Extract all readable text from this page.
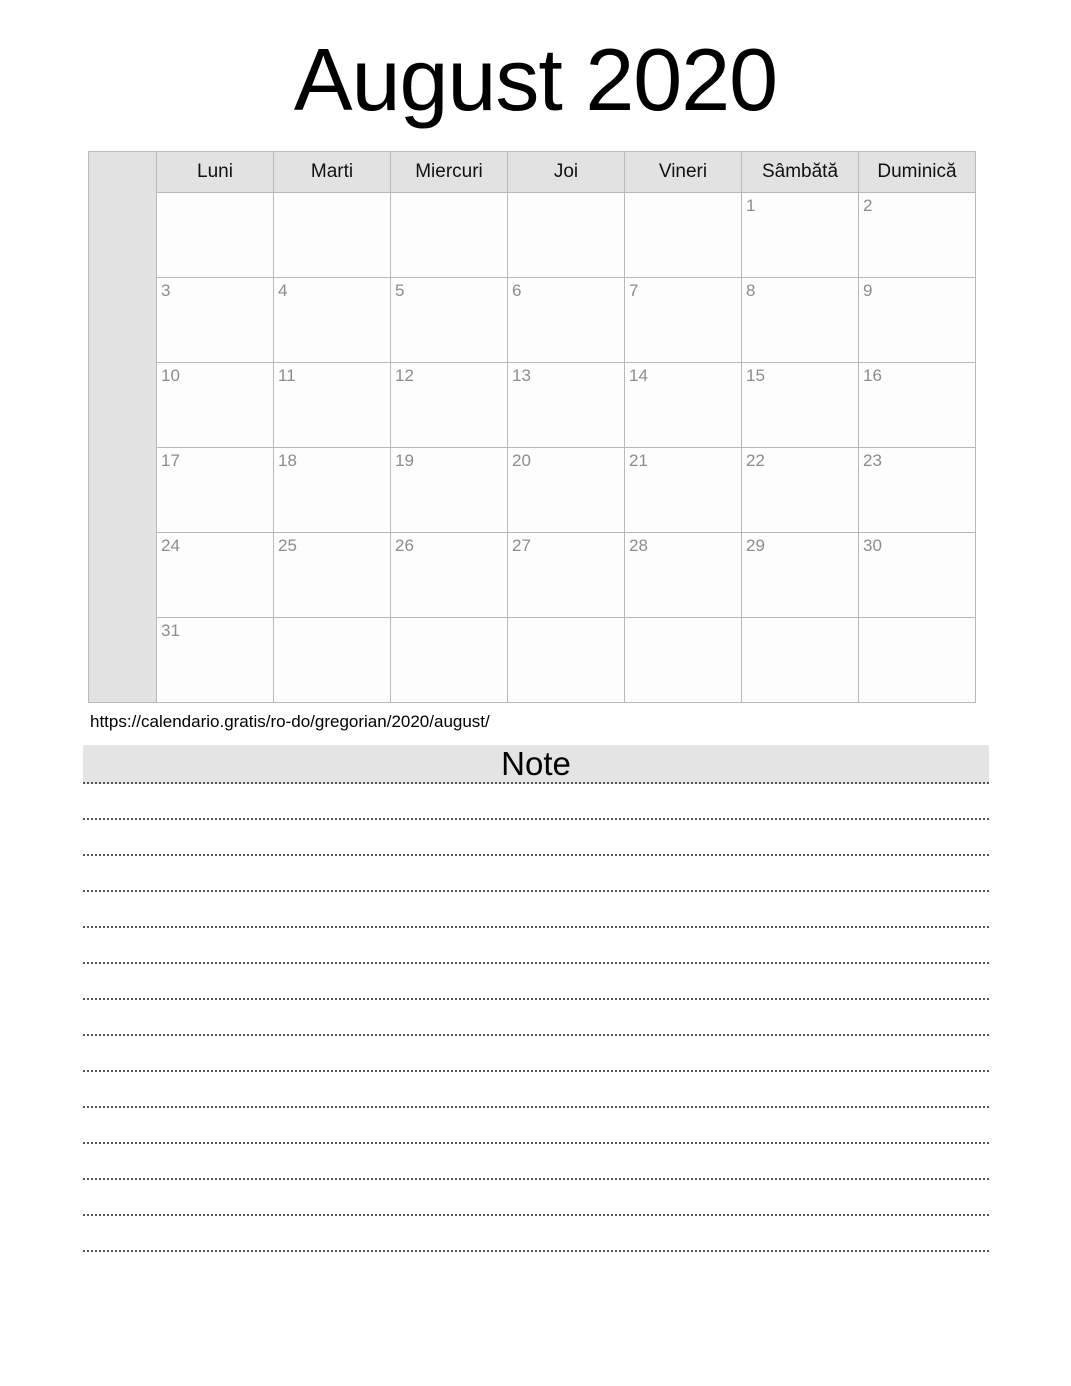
August 2020
	Luni	Marti	Miercuri	Joi	Vineri	Sâmbătă	Duminică
						1	2
	3	4	5	6	7	8	9
	10	11	12	13	14	15	16
	17	18	19	20	21	22	23
	24	25	26	27	28	29	30
	31						
https://calendario.gratis/ro-do/gregorian/2020/august/
Note
